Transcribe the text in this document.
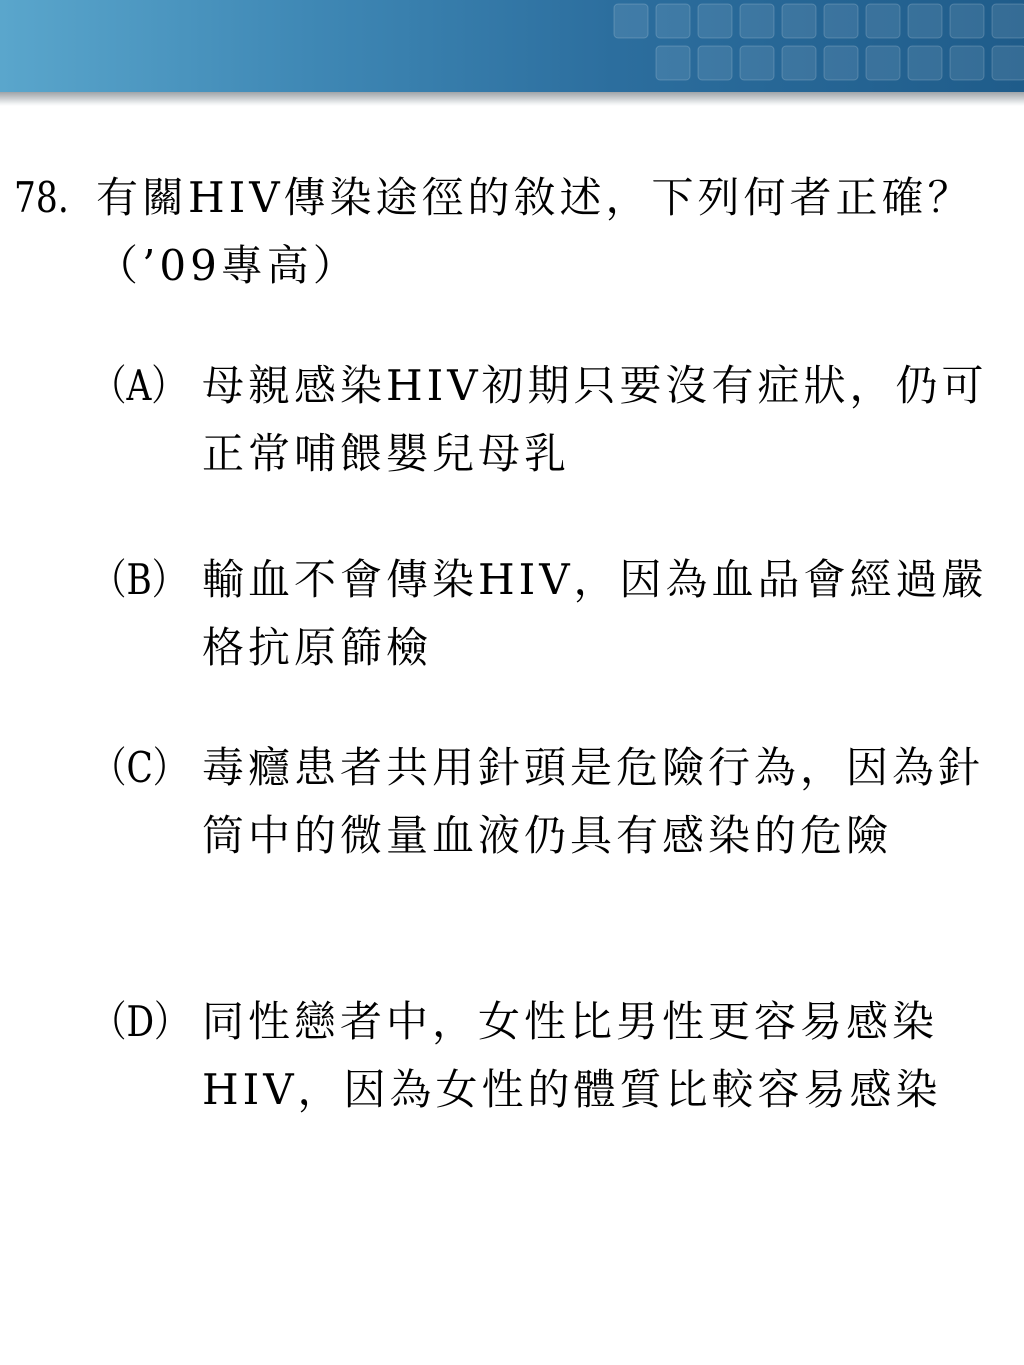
78. 有關HIV傳染途徑的敘述，下列何者正確？（’09專高）
（A） 母親感染HIV初期只要沒有症狀，仍可正常哺餵嬰兒母乳
（B） 輸血不會傳染HIV，因為血品會經過嚴格抗原篩檢
（C） 毒癮患者共用針頭是危險行為，因為針筒中的微量血液仍具有感染的危險
（D） 同性戀者中，女性比男性更容易感染HIV，因為女性的體質比較容易感染
